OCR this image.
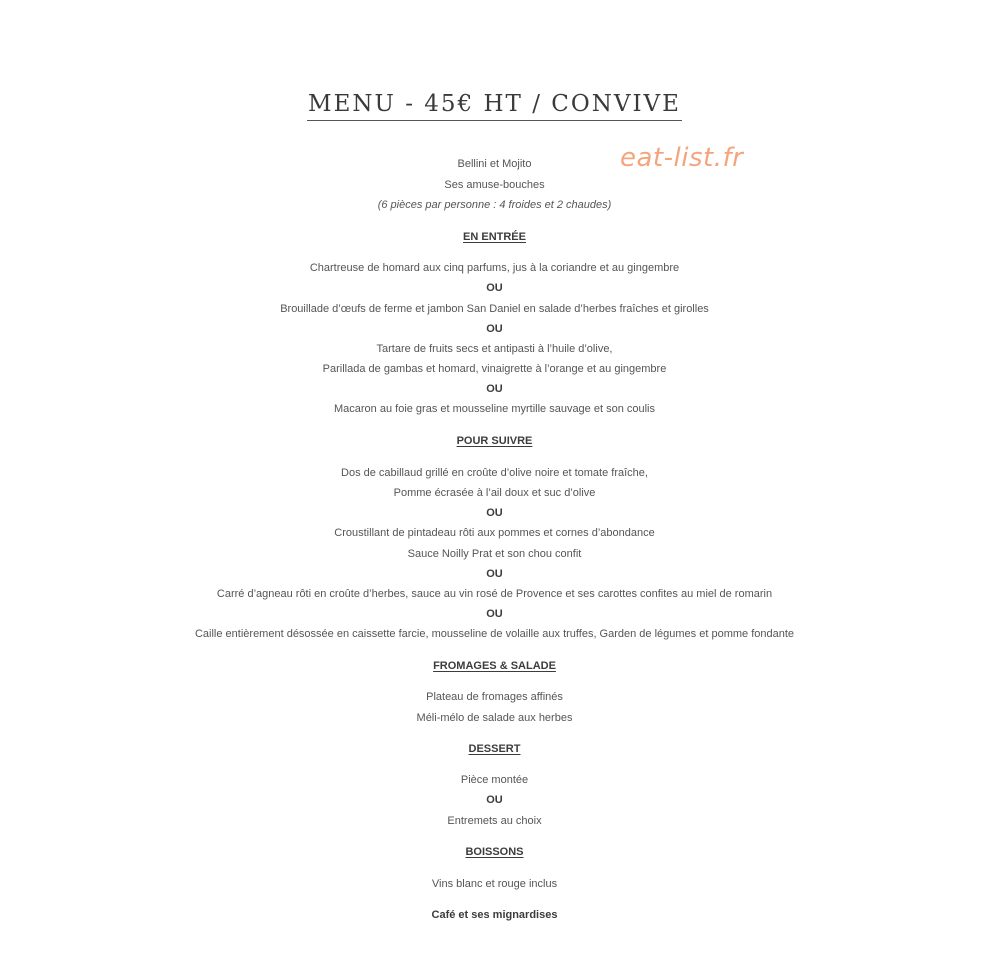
MENU - 45€ HT / CONVIVE
eat-list.fr
Bellini et Mojito
Ses amuse-bouches
(6 pièces par personne : 4 froides et 2 chaudes)
EN ENTRÉE
Chartreuse de homard aux cinq parfums, jus à la coriandre et au gingembre
OU
Brouillade d’œufs de ferme et jambon San Daniel en salade d’herbes fraîches et girolles
OU
Tartare de fruits secs et antipasti à l’huile d’olive,
Parillada de gambas et homard, vinaigrette à l’orange et au gingembre
OU
Macaron au foie gras et mousseline myrtille sauvage et son coulis
POUR SUIVRE
Dos de cabillaud grillé en croûte d’olive noire et tomate fraîche,
Pomme écrasée à l’ail doux et suc d’olive
OU
Croustillant de pintadeau rôti aux pommes et cornes d’abondance
Sauce Noilly Prat et son chou confit
OU
Carré d’agneau rôti en croûte d’herbes, sauce au vin rosé de Provence et ses carottes confites au miel de romarin
OU
Caille entièrement désossée en caissette farcie, mousseline de volaille aux truffes, Garden de légumes et pomme fondante
FROMAGES & SALADE
Plateau de fromages affinés
Méli-mélo de salade aux herbes
DESSERT
Pièce montée
OU
Entremets au choix
BOISSONS
Vins blanc et rouge inclus
Café et ses mignardises
